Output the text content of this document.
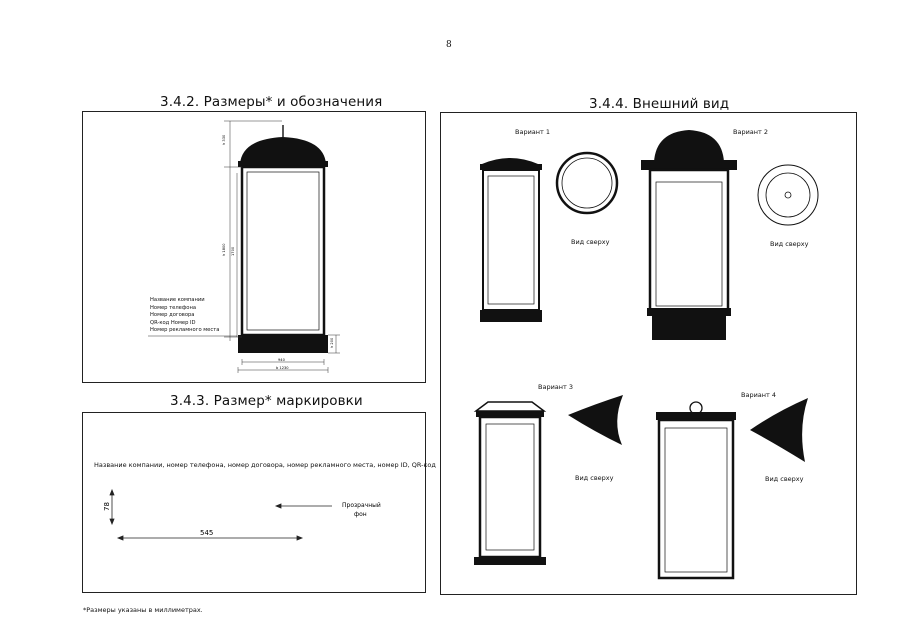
8
3.4.2. Размеры* и обозначения	3.4.4. Внешний вид
3.4.3. Размер* маркировки
h 330
h 1800 1700
h 200
940
b 1230
Название компании
Номер телефона
Номер договора
QR-код Номер ID
Номер рекламного места
Название компании, номер телефона, номер договора, номер рекламного места, номер ID, QR-код
78
545
Прозрачный
фон
Вариант 1
Вид сверху
Вариант 2
Вид сверху
Вариант 3
Вид сверху
Вариант 4
Вид сверху
*Размеры указаны в миллиметрах.
